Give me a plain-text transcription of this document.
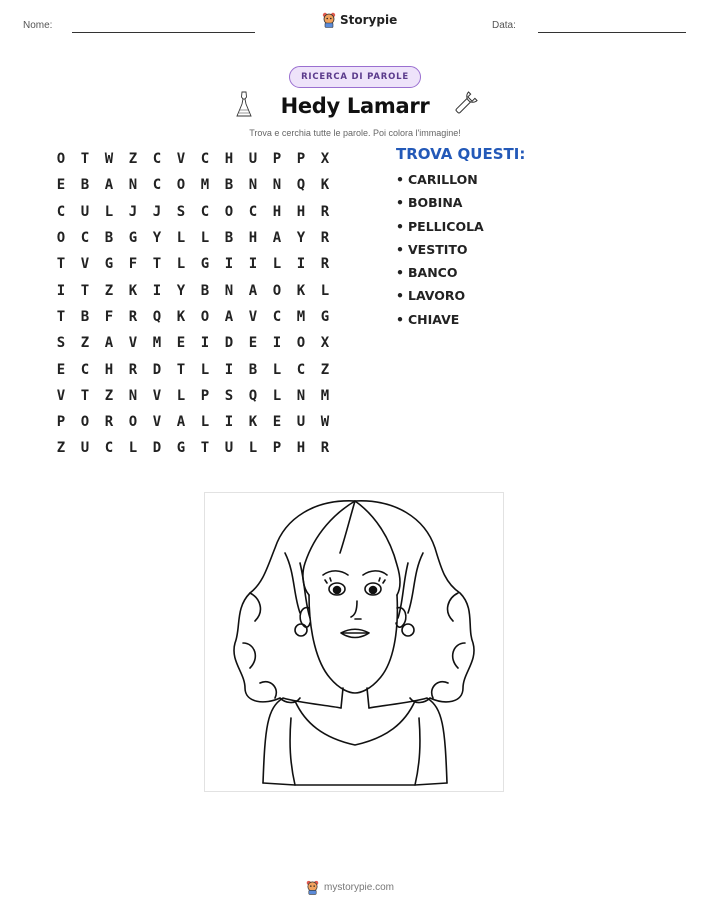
Nome:	Storypie	Data:
RICERCA DI PAROLE
Hedy Lamarr
Trova e cerchia tutte le parole. Poi colora l'immagine!
O	T	W	Z	C	V	C	H	U	P	P	X
E	B	A	N	C	O	M	B	N	N	Q	K
C	U	L	J	J	S	C	O	C	H	H	R
O	C	B	G	Y	L	L	B	H	A	Y	R
T	V	G	F	T	L	G	I	I	L	I	R
I	T	Z	K	I	Y	B	N	A	O	K	L
T	B	F	R	Q	K	O	A	V	C	M	G
S	Z	A	V	M	E	I	D	E	I	O	X
E	C	H	R	D	T	L	I	B	L	C	Z
V	T	Z	N	V	L	P	S	Q	L	N	M
P	O	R	O	V	A	L	I	K	E	U	W
Z	U	C	L	D	G	T	U	L	P	H	R
TROVA QUESTI:
• CARILLON
• BOBINA
• PELLICOLA
• VESTITO
• BANCO
• LAVORO
• CHIAVE
mystorypie.com
